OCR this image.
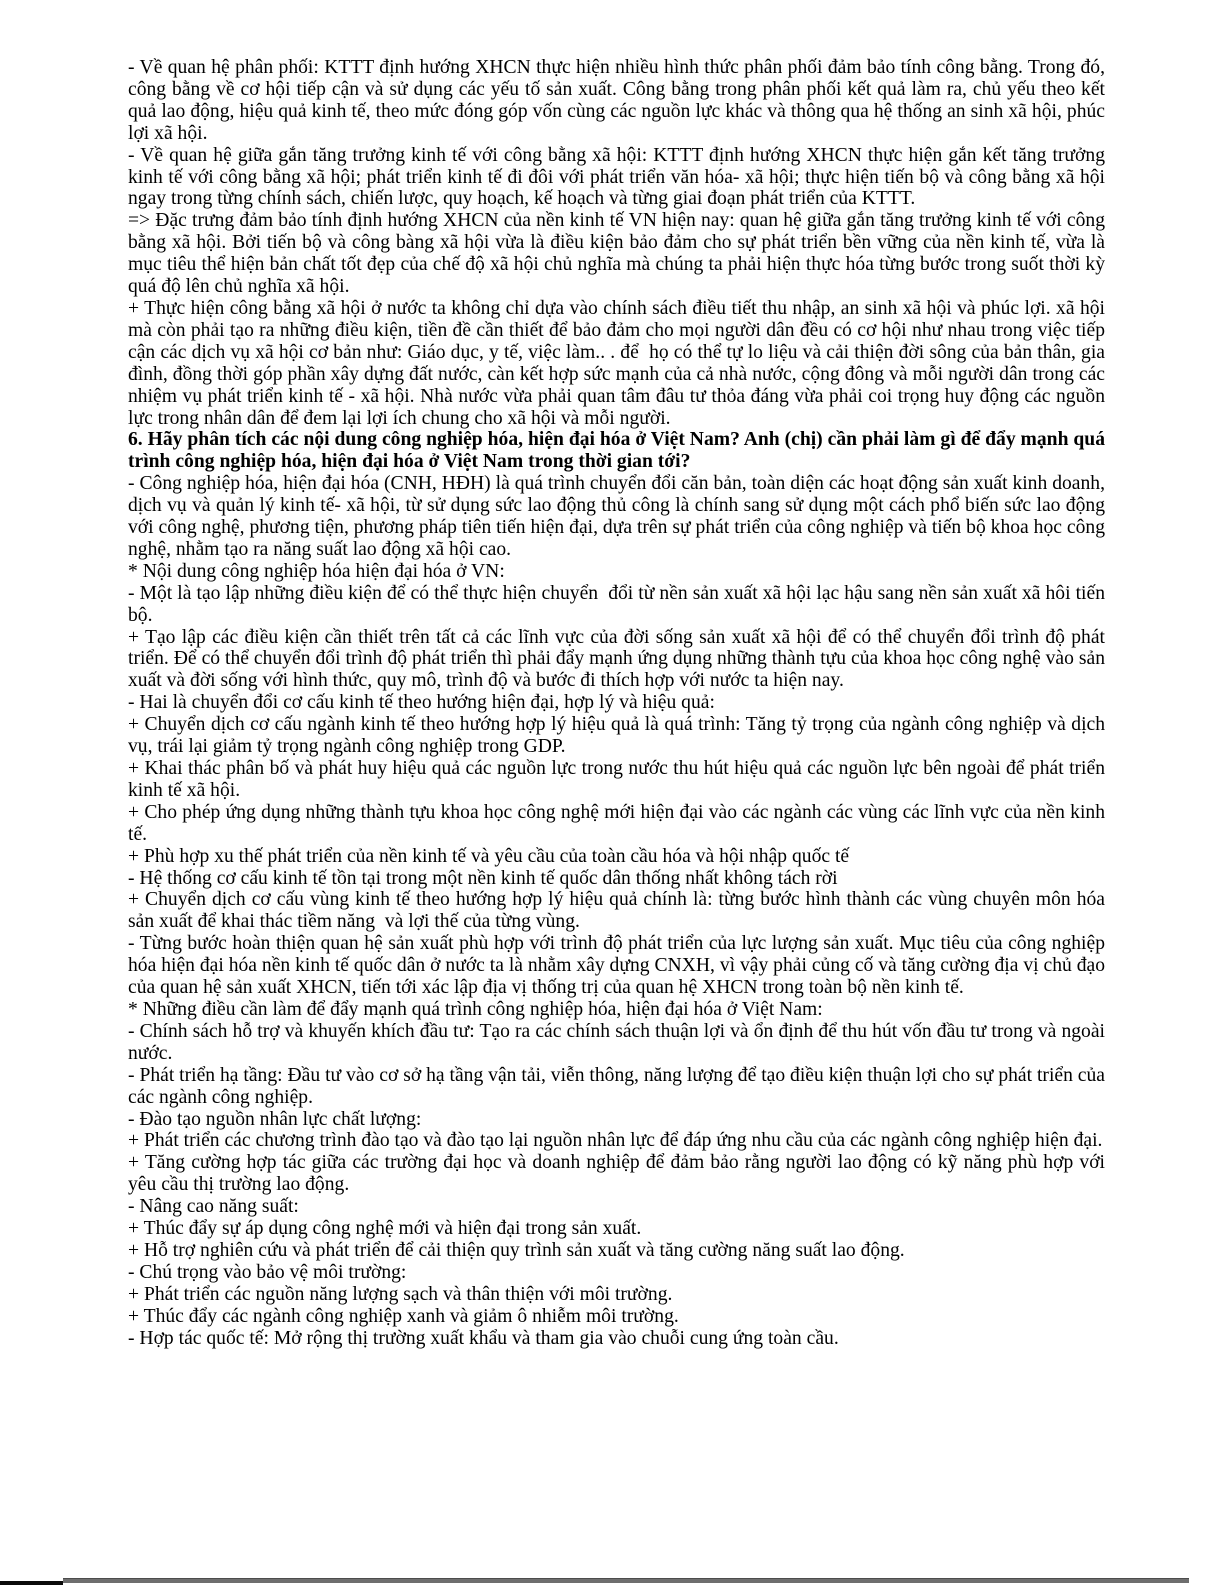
- Về quan hệ phân phối: KTTT định hướng XHCN thực hiện nhiều hình thức phân phối đảm bảo tính công bằng. Trong đó, công bằng về cơ hội tiếp cận và sử dụng các yếu tố sản xuất. Công bằng trong phân phối kết quả làm ra, chủ yếu theo kết quả lao động, hiệu quả kinh tế, theo mức đóng góp vốn cùng các nguồn lực khác và thông qua hệ thống an sinh xã hội, phúc lợi xã hội.

- Về quan hệ giữa gắn tăng trưởng kinh tế với công bằng xã hội: KTTT định hướng XHCN thực hiện gắn kết tăng trưởng kinh tế với công bằng xã hội; phát triển kinh tế đi đôi với phát triển văn hóa- xã hội; thực hiện tiến bộ và công bằng xã hội ngay trong từng chính sách, chiến lược, quy hoạch, kế hoạch và từng giai đoạn phát triển của KTTT.

=> Đặc trưng đảm bảo tính định hướng XHCN của nền kinh tế VN hiện nay: quan hệ giữa gắn tăng trưởng kinh tế với công bằng xã hội. Bởi tiến bộ và công bàng xã hội vừa là điều kiện bảo đảm cho sự phát triển bền vững của nền kinh tế, vừa là mục tiêu thể hiện bản chất tốt đẹp của chế độ xã hội chủ nghĩa mà chúng ta phải hiện thực hóa từng bước trong suốt thời kỳ quá độ lên chủ nghĩa xã hội.

+ Thực hiện công bằng xã hội ở nước ta không chỉ dựa vào chính sách điều tiết thu nhập, an sinh xã hội và phúc lợi. xã hội mà còn phải tạo ra những điều kiện, tiền đề cần thiết để bảo đảm cho mọi người dân đều có cơ hội như nhau trong việc tiếp cận các dịch vụ xã hội cơ bản như: Giáo dục, y tế, việc làm.. . để  họ có thể tự lo liệu và cải thiện đời sông của bản thân, gia đình, đồng thời góp phần xây dựng đất nước, càn kết hợp sức mạnh của cả nhà nước, cộng đông và mỗi người dân trong các nhiệm vụ phát triển kinh tế - xã hội. Nhà nước vừa phải quan tâm đâu tư thỏa đáng vừa phải coi trọng huy động các nguồn lực trong nhân dân để đem lại lợi ích chung cho xã hội và mỗi người.

6. Hãy phân tích các nội dung công nghiệp hóa, hiện đại hóa ở Việt Nam? Anh (chị) cần phải làm gì để đẩy mạnh quá trình công nghiệp hóa, hiện đại hóa ở Việt Nam trong thời gian tới?

- Công nghiệp hóa, hiện đại hóa (CNH, HĐH) là quá trình chuyển đổi căn bản, toàn diện các hoạt động sản xuất kinh doanh, dịch vụ và quản lý kinh tế- xã hội, từ sử dụng sức lao động thủ công là chính sang sử dụng một cách phổ biến sức lao động với công nghệ, phương tiện, phương pháp tiên tiến hiện đại, dựa trên sự phát triển của công nghiệp và tiến bộ khoa học công nghệ, nhằm tạo ra năng suất lao động xã hội cao.

* Nội dung công nghiệp hóa hiện đại hóa ở VN:

- Một là tạo lập những điều kiện để có thể thực hiện chuyển  đổi từ nền sản xuất xã hội lạc hậu sang nền sản xuất xã hôi tiến bộ.

+ Tạo lập các điều kiện cần thiết trên tất cả các lĩnh vực của đời sống sản xuất xã hội để có thể chuyển đổi trình độ phát triển. Để có thể chuyển đổi trình độ phát triển thì phải đẩy mạnh ứng dụng những thành tựu của khoa học công nghệ vào sản xuất và đời sống với hình thức, quy mô, trình độ và bước đi thích hợp với nước ta hiện nay.

- Hai là chuyển đổi cơ cấu kinh tế theo hướng hiện đại, hợp lý và hiệu quả:

+ Chuyển dịch cơ cấu ngành kinh tế theo hướng hợp lý hiệu quả là quá trình: Tăng tỷ trọng của ngành công nghiệp và dịch vụ, trái lại giảm tỷ trọng ngành công nghiệp trong GDP.

+ Khai thác phân bố và phát huy hiệu quả các nguồn lực trong nước thu hút hiệu quả các nguồn lực bên ngoài để phát triển kinh tế xã hội.

+ Cho phép ứng dụng những thành tựu khoa học công nghệ mới hiện đại vào các ngành các vùng các lĩnh vực của nền kinh tế.

+ Phù hợp xu thế phát triển của nền kinh tế và yêu cầu của toàn cầu hóa và hội nhập quốc tế

- Hệ thống cơ cấu kinh tế tồn tại trong một nền kinh tế quốc dân thống nhất không tách rời

+ Chuyển dịch cơ cấu vùng kinh tế theo hướng hợp lý hiệu quả chính là: từng bước hình thành các vùng chuyên môn hóa sản xuất để khai thác tiềm năng  và lợi thế của từng vùng.

- Từng bước hoàn thiện quan hệ sản xuất phù hợp với trình độ phát triển của lực lượng sản xuất. Mục tiêu của công nghiệp hóa hiện đại hóa nền kinh tế quốc dân ở nước ta là nhằm xây dựng CNXH, vì vậy phải củng cố và tăng cường địa vị chủ đạo của quan hệ sản xuất XHCN, tiến tới xác lập địa vị thống trị của quan hệ XHCN trong toàn bộ nền kinh tế.

* Những điều cần làm để đẩy mạnh quá trình công nghiệp hóa, hiện đại hóa ở Việt Nam:

- Chính sách hỗ trợ và khuyến khích đầu tư: Tạo ra các chính sách thuận lợi và ổn định để thu hút vốn đầu tư trong và ngoài nước.

- Phát triển hạ tầng: Đầu tư vào cơ sở hạ tầng vận tải, viễn thông, năng lượng để tạo điều kiện thuận lợi cho sự phát triển của các ngành công nghiệp.

- Đào tạo nguồn nhân lực chất lượng:

+ Phát triển các chương trình đào tạo và đào tạo lại nguồn nhân lực để đáp ứng nhu cầu của các ngành công nghiệp hiện đại.

+ Tăng cường hợp tác giữa các trường đại học và doanh nghiệp để đảm bảo rằng người lao động có kỹ năng phù hợp với yêu cầu thị trường lao động.

- Nâng cao năng suất:

+ Thúc đẩy sự áp dụng công nghệ mới và hiện đại trong sản xuất.

+ Hỗ trợ nghiên cứu và phát triển để cải thiện quy trình sản xuất và tăng cường năng suất lao động.

- Chú trọng vào bảo vệ môi trường:

+ Phát triển các nguồn năng lượng sạch và thân thiện với môi trường.

+ Thúc đẩy các ngành công nghiệp xanh và giảm ô nhiễm môi trường.

- Hợp tác quốc tế: Mở rộng thị trường xuất khẩu và tham gia vào chuỗi cung ứng toàn cầu.
